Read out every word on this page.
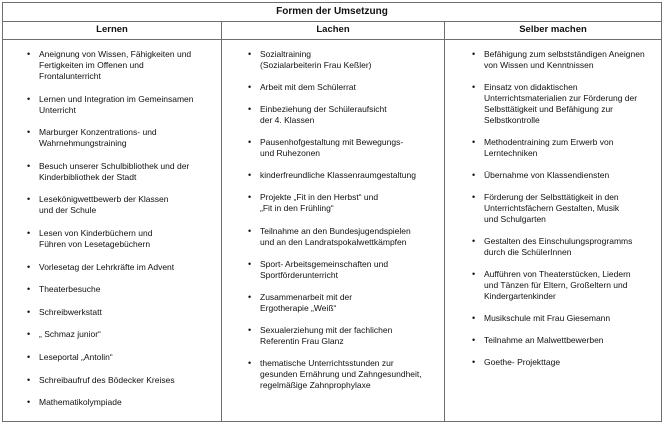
Formen der Umsetzung
Lernen	Lachen	Selber machen
• Aneignung von Wissen, Fähigkeiten und
Fertigkeiten im Offenen und
Frontalunterricht
• Lernen und Integration im Gemeinsamen
Unterricht
• Marburger Konzentrations- und
Wahrnehmungstraining
• Besuch unserer Schulbibliothek und der
Kinderbibliothek der Stadt
• Lesekönigwettbewerb der Klassen
und der Schule
• Lesen von Kinderbüchern und
Führen von Lesetagebüchern
• Vorlesetag der Lehrkräfte im Advent
• Theaterbesuche
• Schreibwerkstatt
• „ Schmaz junior“
• Leseportal „Antolin“
• Schreibaufruf des Bödecker Kreises
• Mathematikolympiade
• Sozialtraining
(Sozialarbeiterin Frau Keßler)
• Arbeit mit dem Schülerrat
• Einbeziehung der Schüleraufsicht
der 4. Klassen
• Pausenhofgestaltung mit Bewegungs-
und Ruhezonen
• kinderfreundliche Klassenraumgestaltung
• Projekte „Fit in den Herbst“ und
„Fit in den Frühling“
• Teilnahme an den Bundesjugendspielen
und an den Landratspokalwettkämpfen
• Sport- Arbeitsgemeinschaften und
Sportförderunterricht
• Zusammenarbeit mit der
Ergotherapie „Weiß“
• Sexualerziehung mit der fachlichen
Referentin Frau Glanz
• thematische Unterrichtsstunden zur
gesunden Ernährung und Zahngesundheit,
regelmäßige Zahnprophylaxe
• Befähigung zum selbstständigen Aneignen
von Wissen und Kenntnissen
• Einsatz von didaktischen
Unterrichtsmaterialien zur Förderung der
Selbsttätigkeit und Befähigung zur
Selbstkontrolle
• Methodentraining zum Erwerb von
Lerntechniken
• Übernahme von Klassendiensten
• Förderung der Selbsttätigkeit in den
Unterrichtsfächern Gestalten, Musik
und Schulgarten
• Gestalten des Einschulungsprogramms
durch die SchülerInnen
• Aufführen von Theaterstücken, Liedern
und Tänzen für Eltern, Großeltern und
Kindergartenkinder
• Musikschule mit Frau Giesemann
• Teilnahme an Malwettbewerben
• Goethe- Projekttage
